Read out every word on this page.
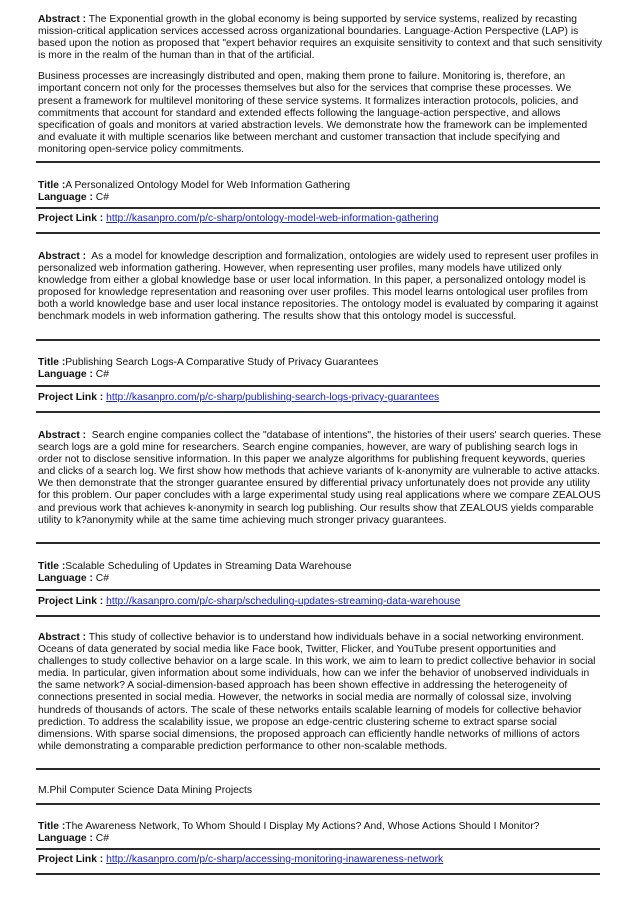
Abstract : The Exponential growth in the global economy is being supported by service systems, realized by recasting mission-critical application services accessed across organizational boundaries. Language-Action Perspective (LAP) is based upon the notion as proposed that "expert behavior requires an exquisite sensitivity to context and that such sensitivity is more in the realm of the human than in that of the artificial.

Business processes are increasingly distributed and open, making them prone to failure. Monitoring is, therefore, an important concern not only for the processes themselves but also for the services that comprise these processes. We present a framework for multilevel monitoring of these service systems. It formalizes interaction protocols, policies, and commitments that account for standard and extended effects following the language-action perspective, and allows specification of goals and monitors at varied abstraction levels. We demonstrate how the framework can be implemented and evaluate it with multiple scenarios like between merchant and customer transaction that include specifying and monitoring open-service policy commitments.

Title :A Personalized Ontology Model for Web Information Gathering

Language : C#

Project Link : http://kasanpro.com/p/c-sharp/ontology-model-web-information-gathering

Abstract : As a model for knowledge description and formalization, ontologies are widely used to represent user profiles in personalized web information gathering. However, when representing user profiles, many models have utilized only knowledge from either a global knowledge base or user local information. In this paper, a personalized ontology model is proposed for knowledge representation and reasoning over user profiles. This model learns ontological user profiles from both a world knowledge base and user local instance repositories. The ontology model is evaluated by comparing it against benchmark models in web information gathering. The results show that this ontology model is successful.

Title :Publishing Search Logs-A Comparative Study of Privacy Guarantees

Language : C#

Project Link : http://kasanpro.com/p/c-sharp/publishing-search-logs-privacy-guarantees

Abstract : Search engine companies collect the "database of intentions", the histories of their users' search queries. These search logs are a gold mine for researchers. Search engine companies, however, are wary of publishing search logs in order not to disclose sensitive information. In this paper we analyze algorithms for publishing frequent keywords, queries and clicks of a search log. We first show how methods that achieve variants of k-anonymity are vulnerable to active attacks. We then demonstrate that the stronger guarantee ensured by differential privacy unfortunately does not provide any utility for this problem. Our paper concludes with a large experimental study using real applications where we compare ZEALOUS and previous work that achieves k-anonymity in search log publishing. Our results show that ZEALOUS yields comparable utility to k?anonymity while at the same time achieving much stronger privacy guarantees.

Title :Scalable Scheduling of Updates in Streaming Data Warehouse

Language : C#

Project Link : http://kasanpro.com/p/c-sharp/scheduling-updates-streaming-data-warehouse

Abstract : This study of collective behavior is to understand how individuals behave in a social networking environment. Oceans of data generated by social media like Face book, Twitter, Flicker, and YouTube present opportunities and challenges to study collective behavior on a large scale. In this work, we aim to learn to predict collective behavior in social media. In particular, given information about some individuals, how can we infer the behavior of unobserved individuals in the same network? A social-dimension-based approach has been shown effective in addressing the heterogeneity of connections presented in social media. However, the networks in social media are normally of colossal size, involving hundreds of thousands of actors. The scale of these networks entails scalable learning of models for collective behavior prediction. To address the scalability issue, we propose an edge-centric clustering scheme to extract sparse social dimensions. With sparse social dimensions, the proposed approach can efficiently handle networks of millions of actors while demonstrating a comparable prediction performance to other non-scalable methods.

M.Phil Computer Science Data Mining Projects

Title :The Awareness Network, To Whom Should I Display My Actions? And, Whose Actions Should I Monitor?

Language : C#

Project Link : http://kasanpro.com/p/c-sharp/accessing-monitoring-inawareness-network
